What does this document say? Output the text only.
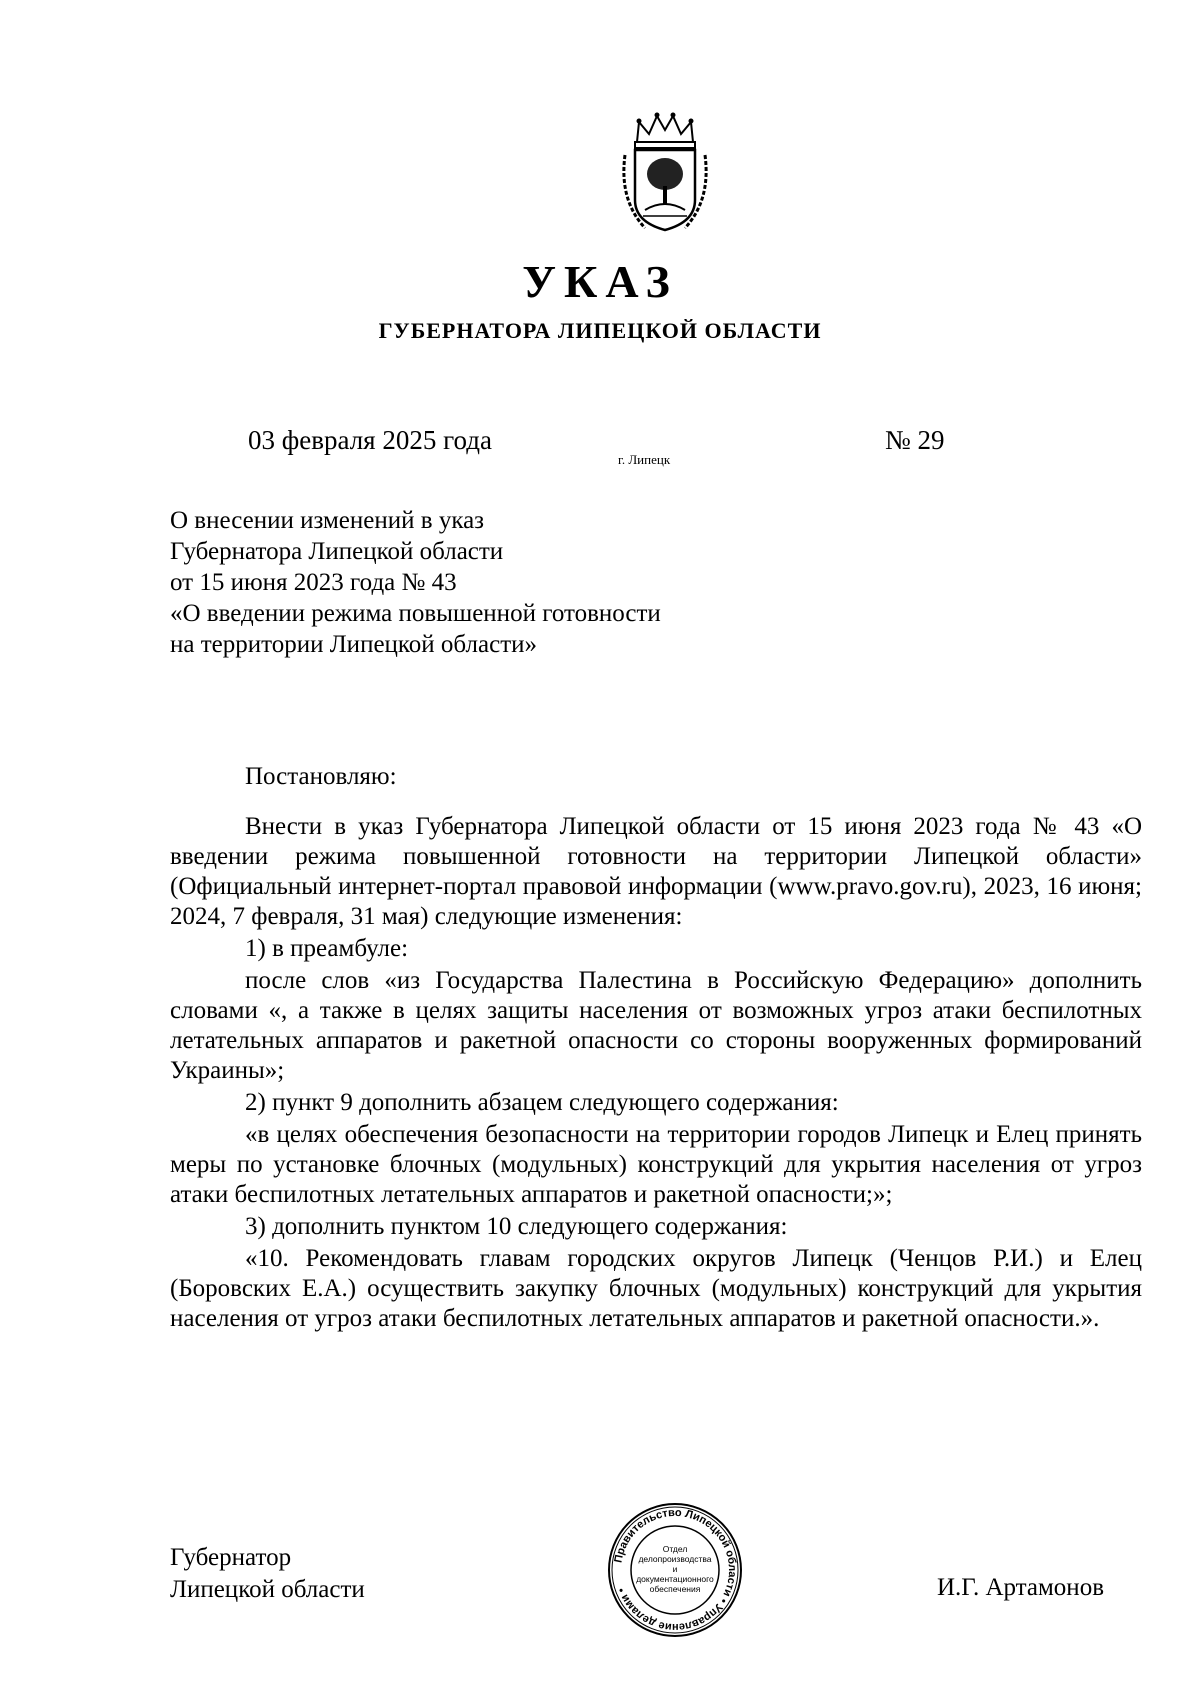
УКАЗ
ГУБЕРНАТОРА ЛИПЕЦКОЙ ОБЛАСТИ
03 февраля 2025 года
г. Липецк
№ 29
О внесении изменений в указ
Губернатора Липецкой области
от 15 июня 2023 года № 43
«О введении режима повышенной готовности
на территории Липецкой области»

Постановляю:

Внести в указ Губернатора Липецкой области от 15 июня 2023 года № 43 «О введении режима повышенной готовности на территории Липецкой области» (Официальный интернет-портал правовой информации (www.pravo.gov.ru), 2023, 16 июня; 2024, 7 февраля, 31 мая) следующие изменения:

1) в преамбуле:

после слов «из Государства Палестина в Российскую Федерацию» дополнить словами «, а также в целях защиты населения от возможных угроз атаки беспилотных летательных аппаратов и ракетной опасности со стороны вооруженных формирований Украины»;

2) пункт 9 дополнить абзацем следующего содержания:

«в целях обеспечения безопасности на территории городов Липецк и Елец принять меры по установке блочных (модульных) конструкций для укрытия населения от угроз атаки беспилотных летательных аппаратов и ракетной опасности;»;

3) дополнить пунктом 10 следующего содержания:

«10. Рекомендовать главам городских округов Липецк (Ченцов Р.И.) и Елец (Боровских Е.А.) осуществить закупку блочных (модульных) конструкций для укрытия населения от угроз атаки беспилотных летательных аппаратов и ракетной опасности.».

Губернатор
Липецкой области
Правительство Липецкой области • Управление делами •
Отдел делопроизводства и документационного обеспечения	И.Г. Артамонов
